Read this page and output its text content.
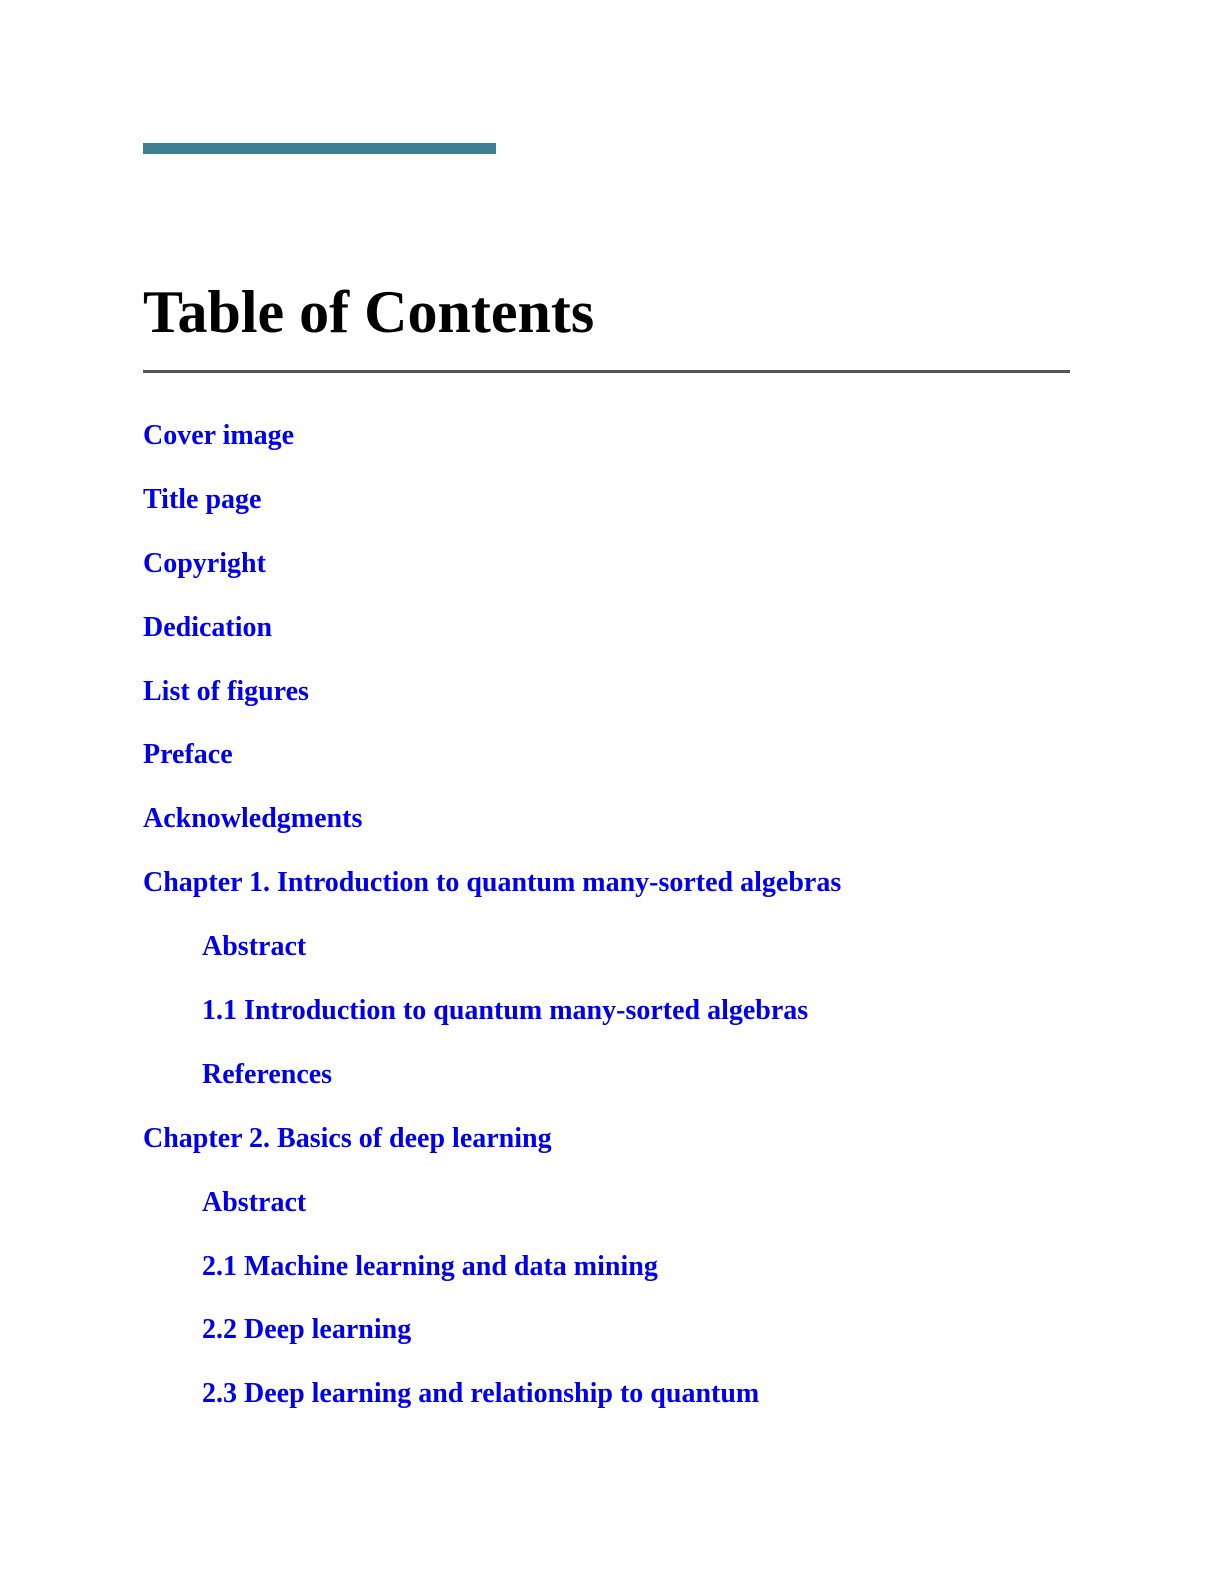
Table of Contents
Cover image
Title page
Copyright
Dedication
List of figures
Preface
Acknowledgments
Chapter 1. Introduction to quantum many-sorted algebras
Abstract
1.1 Introduction to quantum many-sorted algebras
References
Chapter 2. Basics of deep learning
Abstract
2.1 Machine learning and data mining
2.2 Deep learning
2.3 Deep learning and relationship to quantum
